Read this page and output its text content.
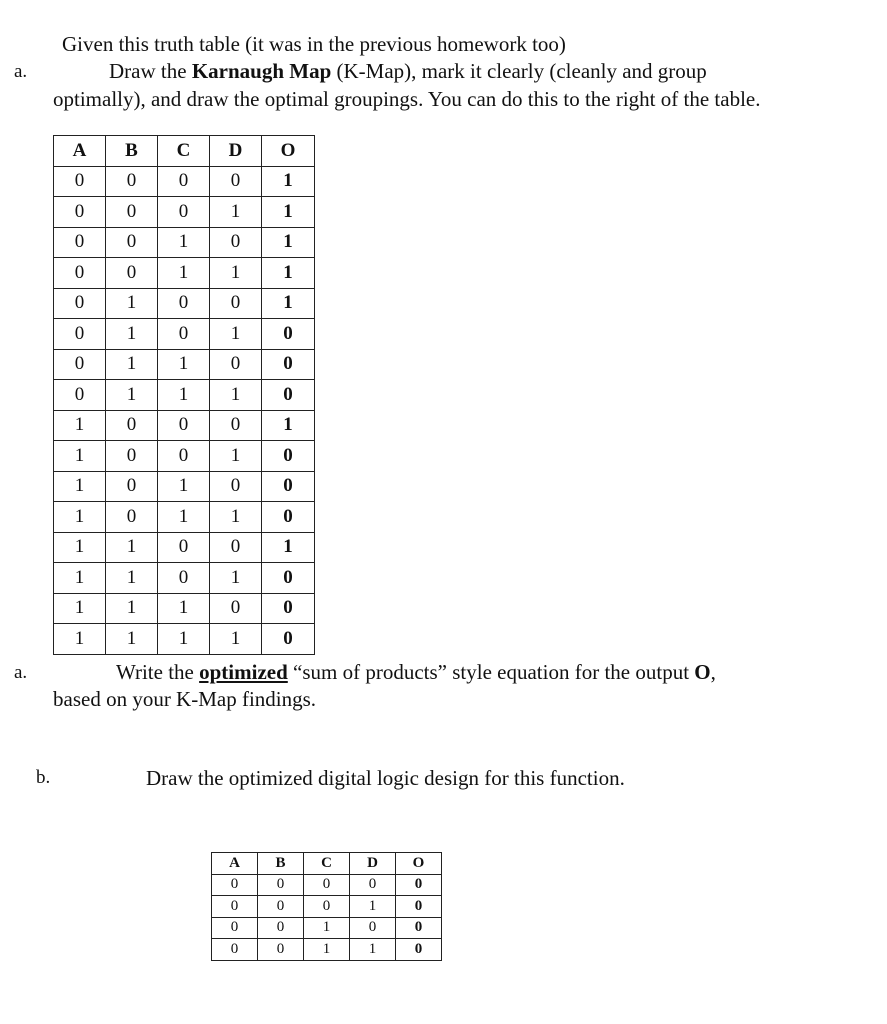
a.
Given this truth table (it was in the previous homework too)
Draw the Karnaugh Map (K-Map), mark it clearly (cleanly and group
optimally), and draw the optimal groupings. You can do this to the right of the table.
A	B	C	D	O
0	0	0	0	1
0	0	0	1	1
0	0	1	0	1
0	0	1	1	1
0	1	0	0	1
0	1	0	1	0
0	1	1	0	0
0	1	1	1	0
1	0	0	0	1
1	0	0	1	0
1	0	1	0	0
1	0	1	1	0
1	1	0	0	1
1	1	0	1	0
1	1	1	0	0
1	1	1	1	0
a.	Write the optimized “sum of products” style equation for the output O,
based on your K-Map findings.
b.	Draw the optimized digital logic design for this function.
A	B	C	D	O
0	0	0	0	0
0	0	0	1	0
0	0	1	0	0
0	0	1	1	0
